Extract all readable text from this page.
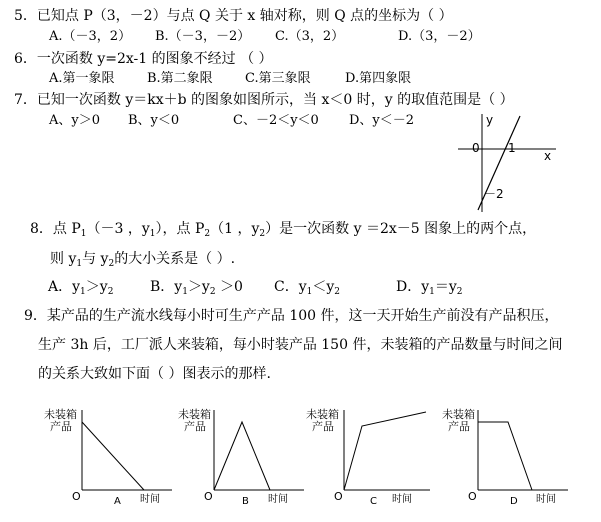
5．已知点 P（3，－2）与点 Q 关于 x 轴对称，则 Q 点的坐标为（ ）
A.（－3，2） B.（－3，－2） C.（3，2）	D.（3，－2）
6．一次函数 y=2x-1 的图象不经过 （ ）
A.第一象限 B.第二象限 C.第三象限	D.第四象限
7．已知一次函数 y＝kx＋b 的图象如图所示，当 x＜0 时，y 的取值范围是（ ）
A、y＞0 B、y＜0	C、－2＜y＜0 D、y＜－2	y
x
0 1
－2
8．点 $P_1(-3$ ，$y_1$），点 $P_2(1$ ，$y_2$）是一次函数 y ＝2x－5 图象上的两个点，
则 $y_1$与 $y_2$的大小关系是（ ）.
A．$y_1>y_2$	B．$y_1>y_2 >0$ C．$y_1<y_2$	D．$y_1=y_2$
9．某产品的生产流水线每小时可生产产品 100 件，这一天开始生产前没有产品积压，
生产 3h 后，工厂派人来装箱，每小时装产品 150 件，未装箱的产品数量与时间之间
的关系大致如下面（ ）图表示的那样.
未装箱
产品
O	A 时间
未装箱
产品
O	B 时间
未装箱
产品
O	C 时间
未装箱
产品
O	D 时间
